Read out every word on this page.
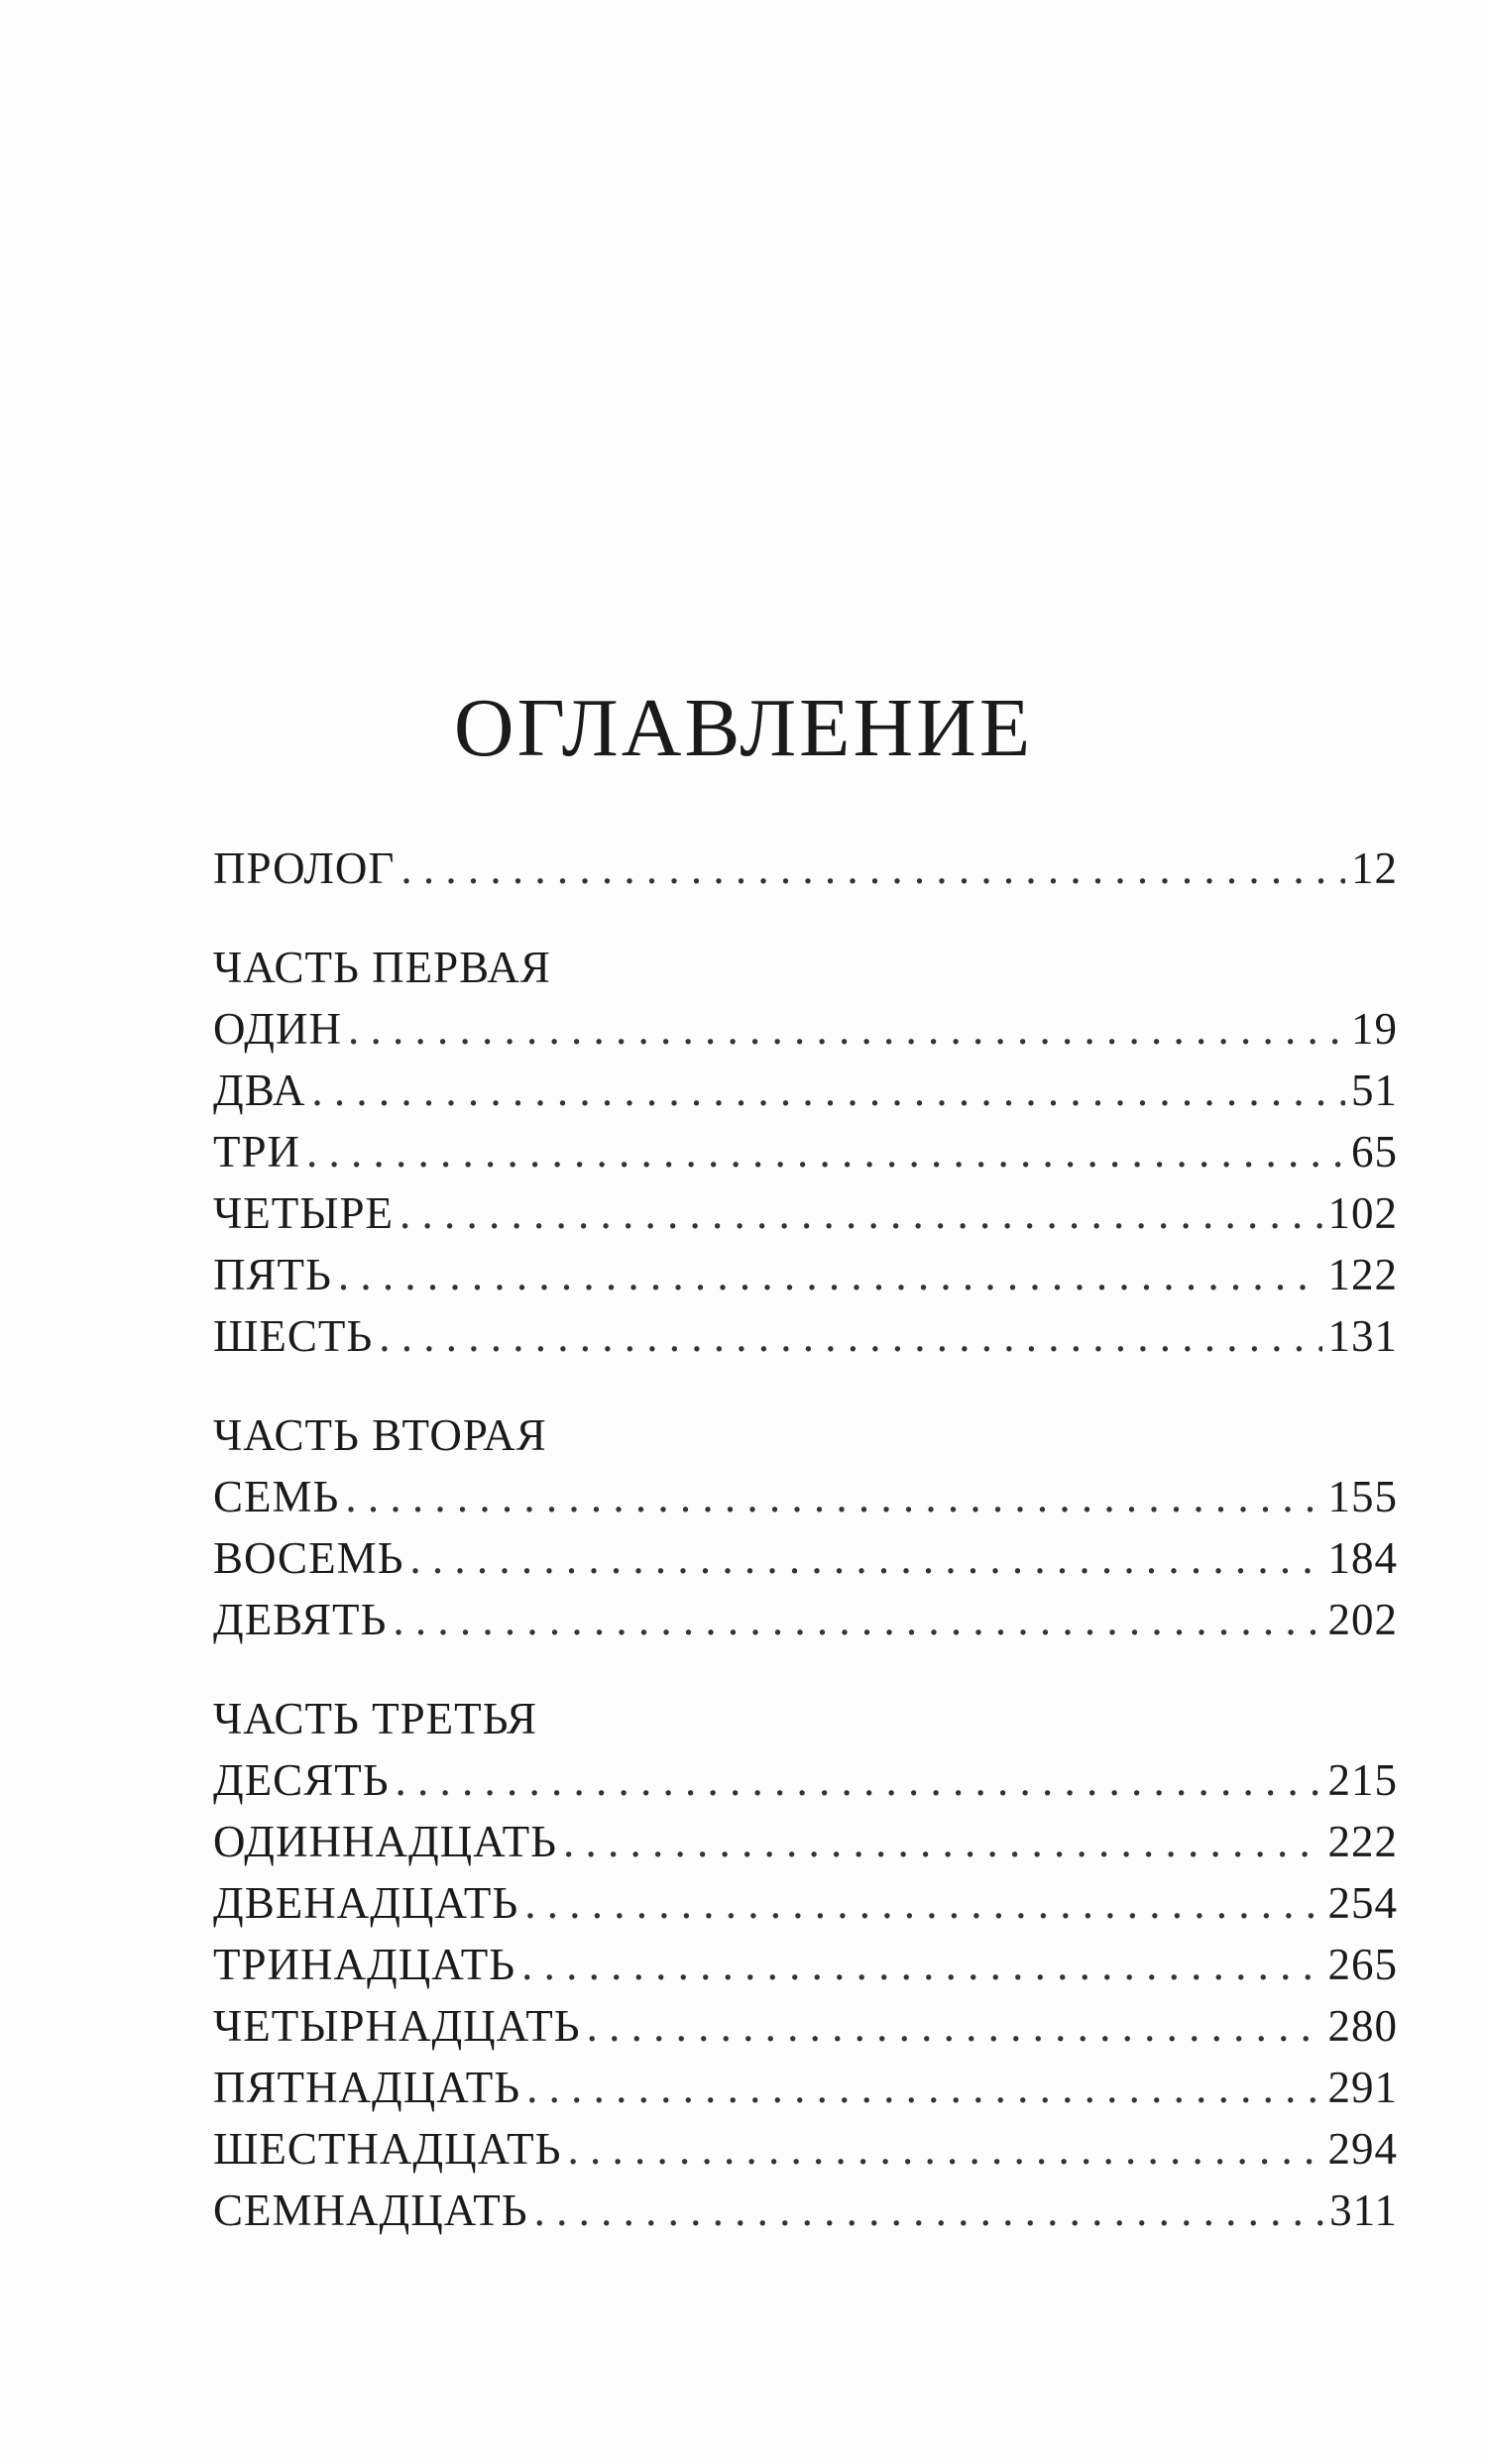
ОГЛАВЛЕНИЕ
ПРОЛОГ . . .	12
ЧАСТЬ ПЕРВАЯ
ОДИН . . .	19
ДВА . . .	51
ТРИ . . .	65
ЧЕТЫРЕ . . .	102
ПЯТЬ . . .	122
ШЕСТЬ . . .	131
ЧАСТЬ ВТОРАЯ
СЕМЬ . . .	155
ВОСЕМЬ . . .	184
ДЕВЯТЬ . . .	202
ЧАСТЬ ТРЕТЬЯ
ДЕСЯТЬ . . .	215
ОДИННАДЦАТЬ . . .	222
ДВЕНАДЦАТЬ . . .	254
ТРИНАДЦАТЬ . . .	265
ЧЕТЫРНАДЦАТЬ . . .	280
ПЯТНАДЦАТЬ . . .	291
ШЕСТНАДЦАТЬ . . .	294
СЕМНАДЦАТЬ . . .	311
